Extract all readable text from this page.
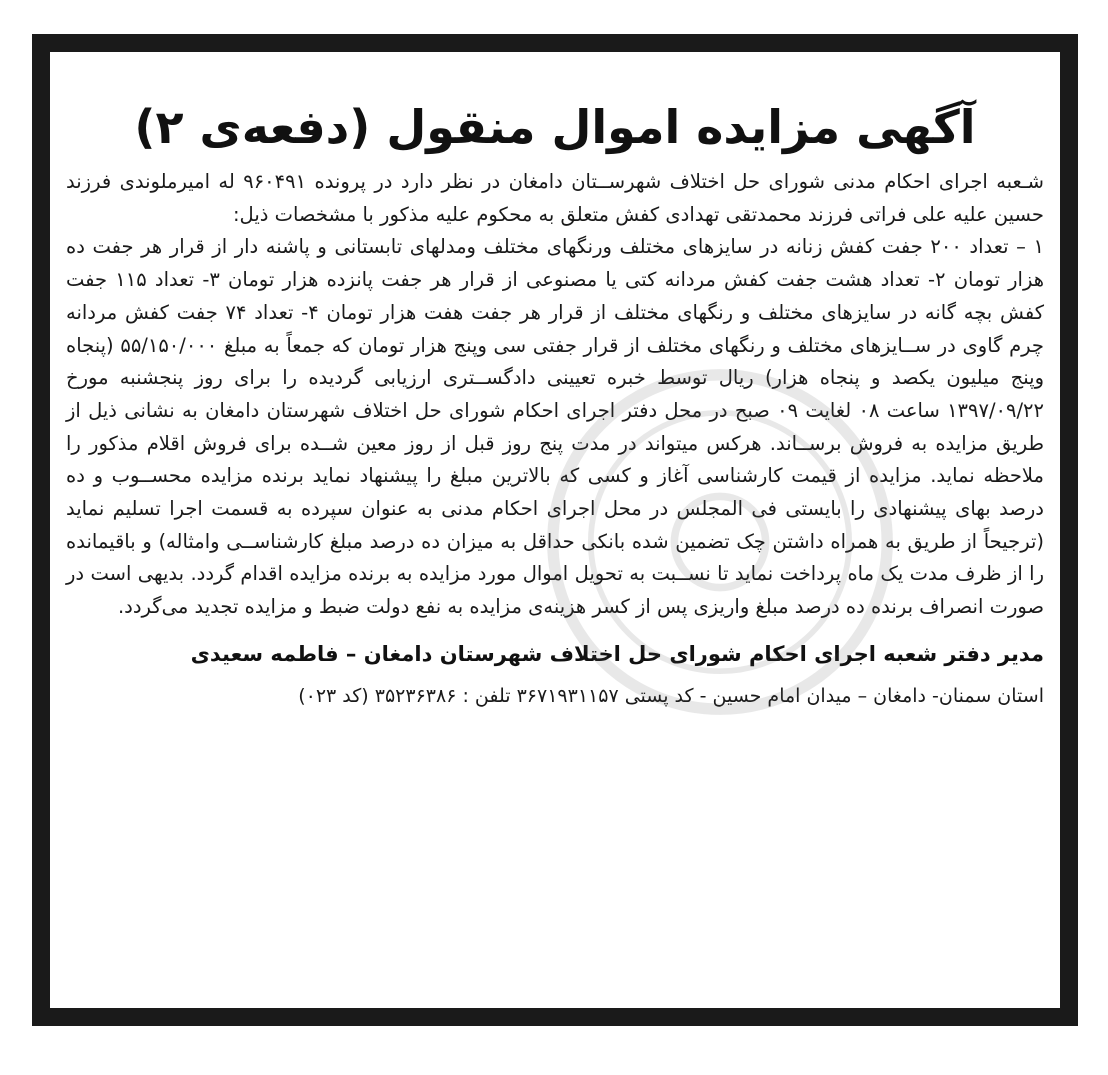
آگهی مزایده اموال منقول (دفعه‌ی ۲)

شـعبه اجرای احکام مدنی شورای حل اختلاف شهرســتان دامغان در نظر دارد در پرونده ۹۶۰۴۹۱ له امیرملوندی فرزند حسین علیه علی فراتی فرزند محمدتقی تهدادی کفش متعلق به محکوم علیه مذکور با مشخصات ذیل:

۱ – تعداد ۲۰۰ جفت کفش زنانه در سایزهای مختلف ورنگهای مختلف ومدلهای تابستانی و پاشنه دار از قرار هر جفت ده هزار تومان ۲- تعداد هشت جفت کفش مردانه کتی یا مصنوعی از قرار هر جفت پانزده هزار تومان ۳- تعداد ۱۱۵ جفت کفش بچه گانه در سایزهای مختلف و رنگهای مختلف از قرار هر جفت هفت هزار تومان ۴- تعداد ۷۴ جفت کفش مردانه چرم گاوی در ســایزهای مختلف و رنگهای مختلف از قرار جفتی سی وپنج هزار تومان که جمعاً به مبلغ ۵۵/۱۵۰/۰۰۰ (پنجاه وپنج میلیون یکصد و پنجاه هزار) ریال توسط خبره تعیینی دادگســتری ارزیابی گردیده را برای روز پنجشنبه مورخ ۱۳۹۷/۰۹/۲۲ ساعت ۰۸ لغایت ۰۹ صبح در محل دفتر اجرای احکام شورای حل اختلاف شهرستان دامغان به نشانی ذیل از طریق مزایده به فروش برســاند. هرکس میتواند در مدت پنج روز قبل از روز معین شــده برای فروش اقلام مذکور را ملاحظه نماید. مزایده از قیمت کارشناسی آغاز و کسی که بالاترین مبلغ را پیشنهاد نماید برنده مزایده محســوب و ده درصد بهای پیشنهادی را بایستی فی المجلس در محل اجرای احکام مدنی به عنوان سپرده به قسمت اجرا تسلیم نماید (ترجیحاً از طریق به همراه داشتن چک تضمین شده بانکی حداقل به میزان ده درصد مبلغ کارشناســی وامثاله) و باقیمانده را از ظرف مدت یک ماه پرداخت نماید تا نســبت به تحویل اموال مورد مزایده به برنده مزایده اقدام گردد. بدیهی است در صورت انصراف برنده ده درصد مبلغ واریزی پس از کسر هزینه‌ی مزایده به نفع دولت ضبط و مزایده تجدید می‌گردد.

مدیر دفتر شعبه اجرای احکام شورای حل اختلاف شهرستان دامغان – فاطمه سعیدی
استان سمنان- دامغان – میدان امام حسین - کد پستی ۳۶۷۱۹۳۱۱۵۷ تلفن : ۳۵۲۳۶۳۸۶ (کد ۰۲۳)
